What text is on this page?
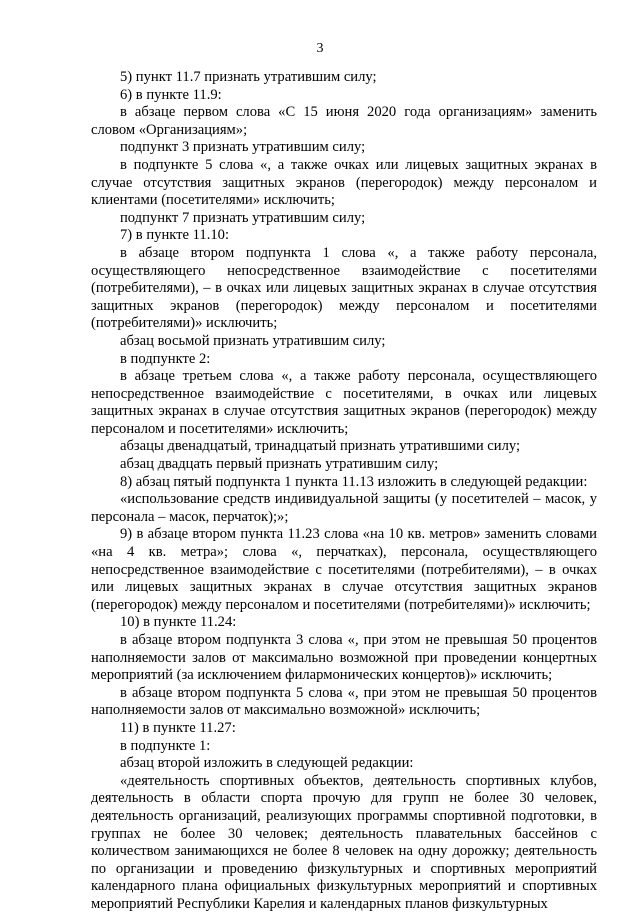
3

5) пункт 11.7 признать утратившим силу;

6) в пункте 11.9:

в абзаце первом слова «С 15 июня 2020 года организациям» заменить словом «Организациям»;

подпункт 3 признать утратившим силу;

в подпункте 5 слова «, а также очках или лицевых защитных экранах в случае отсутствия защитных экранов (перегородок) между персоналом и клиентами (посетителями» исключить;

подпункт 7 признать утратившим силу;

7) в пункте 11.10:

в абзаце втором подпункта 1 слова «, а также работу персонала, осуществляющего непосредственное взаимодействие с посетителями (потребителями), – в очках или лицевых защитных экранах в случае отсутствия защитных экранов (перегородок) между персоналом и посетителями (потребителями)» исключить;

абзац восьмой признать утратившим силу;

в подпункте 2:

в абзаце третьем слова «, а также работу персонала, осуществляющего непосредственное взаимодействие с посетителями, в очках или лицевых защитных экранах в случае отсутствия защитных экранов (перегородок) между персоналом и посетителями» исключить;

абзацы двенадцатый, тринадцатый признать утратившими силу;

абзац двадцать первый признать утратившим силу;

8) абзац пятый подпункта 1 пункта 11.13 изложить в следующей редакции:

«использование средств индивидуальной защиты (у посетителей – масок, у персонала – масок, перчаток);»;

9) в абзаце втором пункта 11.23 слова «на 10 кв. метров» заменить словами «на 4 кв. метра»; слова «, перчатках), персонала, осуществляющего непосредственное взаимодействие с посетителями (потребителями), – в очках или лицевых защитных экранах в случае отсутствия защитных экранов (перегородок) между персоналом и посетителями (потребителями)» исключить;

10) в пункте 11.24:

в абзаце втором подпункта 3 слова «, при этом не превышая 50 процентов наполняемости залов от максимально возможной при проведении концертных мероприятий (за исключением филармонических концертов)» исключить;

в абзаце втором подпункта 5 слова «, при этом не превышая 50 процентов наполняемости залов от максимально возможной» исключить;

11) в пункте 11.27:

в подпункте 1:

абзац второй изложить в следующей редакции:

«деятельность спортивных объектов, деятельность спортивных клубов, деятельность в области спорта прочую для групп не более 30 человек, деятельность организаций, реализующих программы спортивной подготовки, в группах не более 30 человек; деятельность плавательных бассейнов с количеством занимающихся не более 8 человек на одну дорожку; деятельность по организации и проведению физкультурных и спортивных мероприятий календарного плана официальных физкультурных мероприятий и спортивных мероприятий Республики Карелия и календарных планов физкультурных
